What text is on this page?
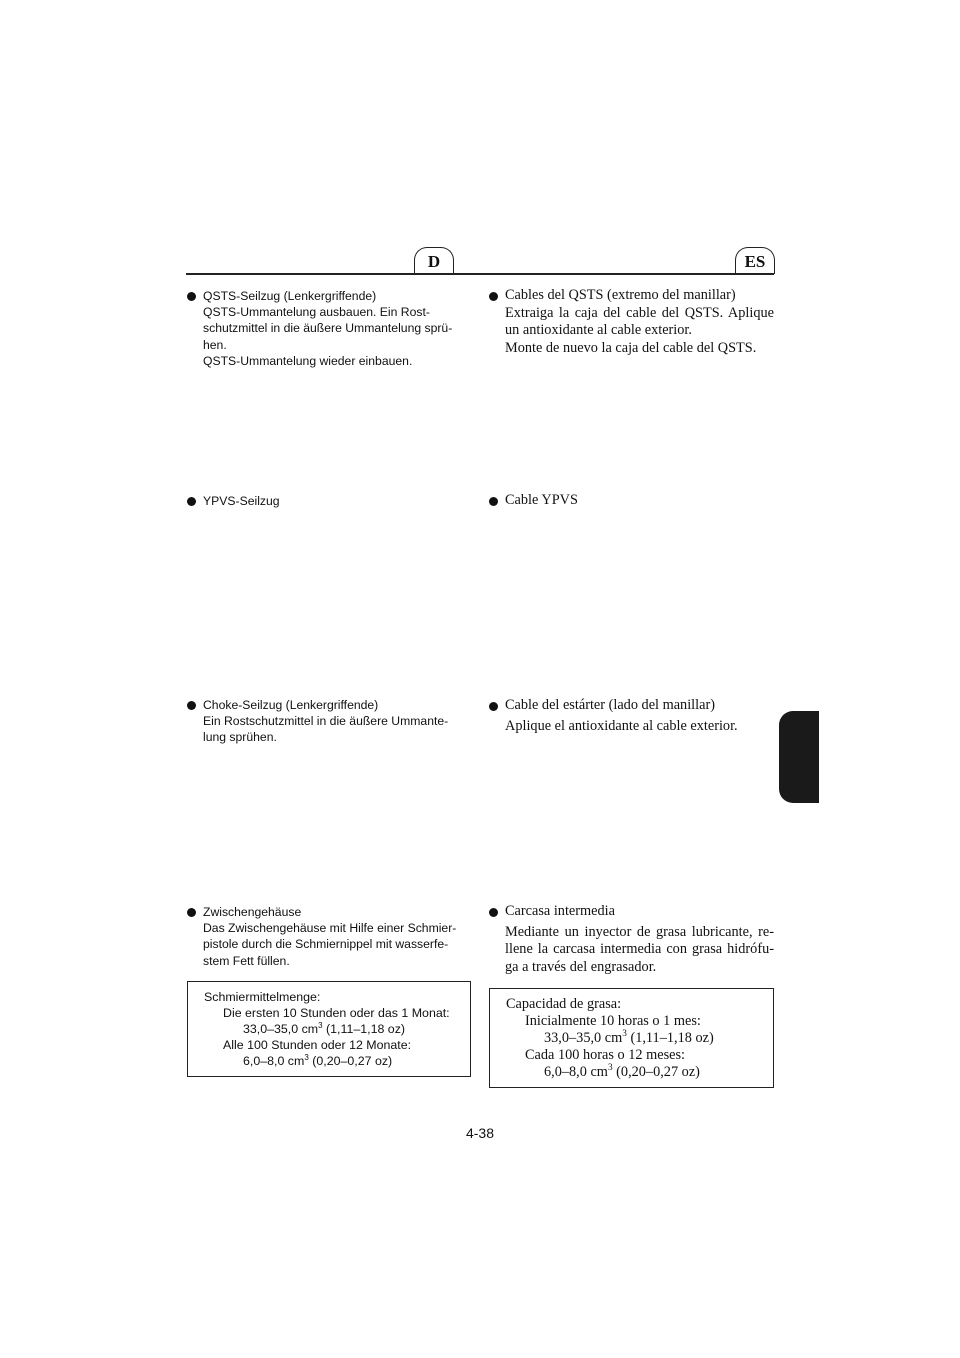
D	ES
QSTS-Seilzug (Lenkergriffende)

QSTS-Ummantelung ausbauen. Ein Rost-

schutzmittel in die äußere Ummantelung sprü-

hen.

QSTS-Ummantelung wieder einbauen.

Cables del QSTS (extremo del manillar)

Extraiga la caja del cable del QSTS. Aplique un antioxidante al cable exterior.

Monte de nuevo la caja del cable del QSTS.

YPVS-Seilzug	Cable YPVS
Choke-Seilzug (Lenkergriffende)

Ein Rostschutzmittel in die äußere Ummante-

lung sprühen.

Cable del estárter (lado del manillar)

Aplique el antioxidante al cable exterior.

Zwischengehäuse

Das Zwischengehäuse mit Hilfe einer Schmier-

pistole durch die Schmiernippel mit wasserfe-

stem Fett füllen.

Carcasa intermedia

Mediante un inyector de grasa lubricante, re-llene la carcasa intermedia con grasa hidrófu-ga a través del engrasador.

Schmiermittelmenge:

Die ersten 10 Stunden oder das 1 Monat:

33,0–35,0 $cm^3$ (1,11–1,18 oz)

Alle 100 Stunden oder 12 Monate:

6,0–8,0 $cm^3$ (0,20–0,27 oz)

Capacidad de grasa:

Inicialmente 10 horas o 1 mes:

33,0–35,0 $cm^3$ (1,11–1,18 oz)

Cada 100 horas o 12 meses:

6,0–8,0 $cm^3$ (0,20–0,27 oz)

4-38
